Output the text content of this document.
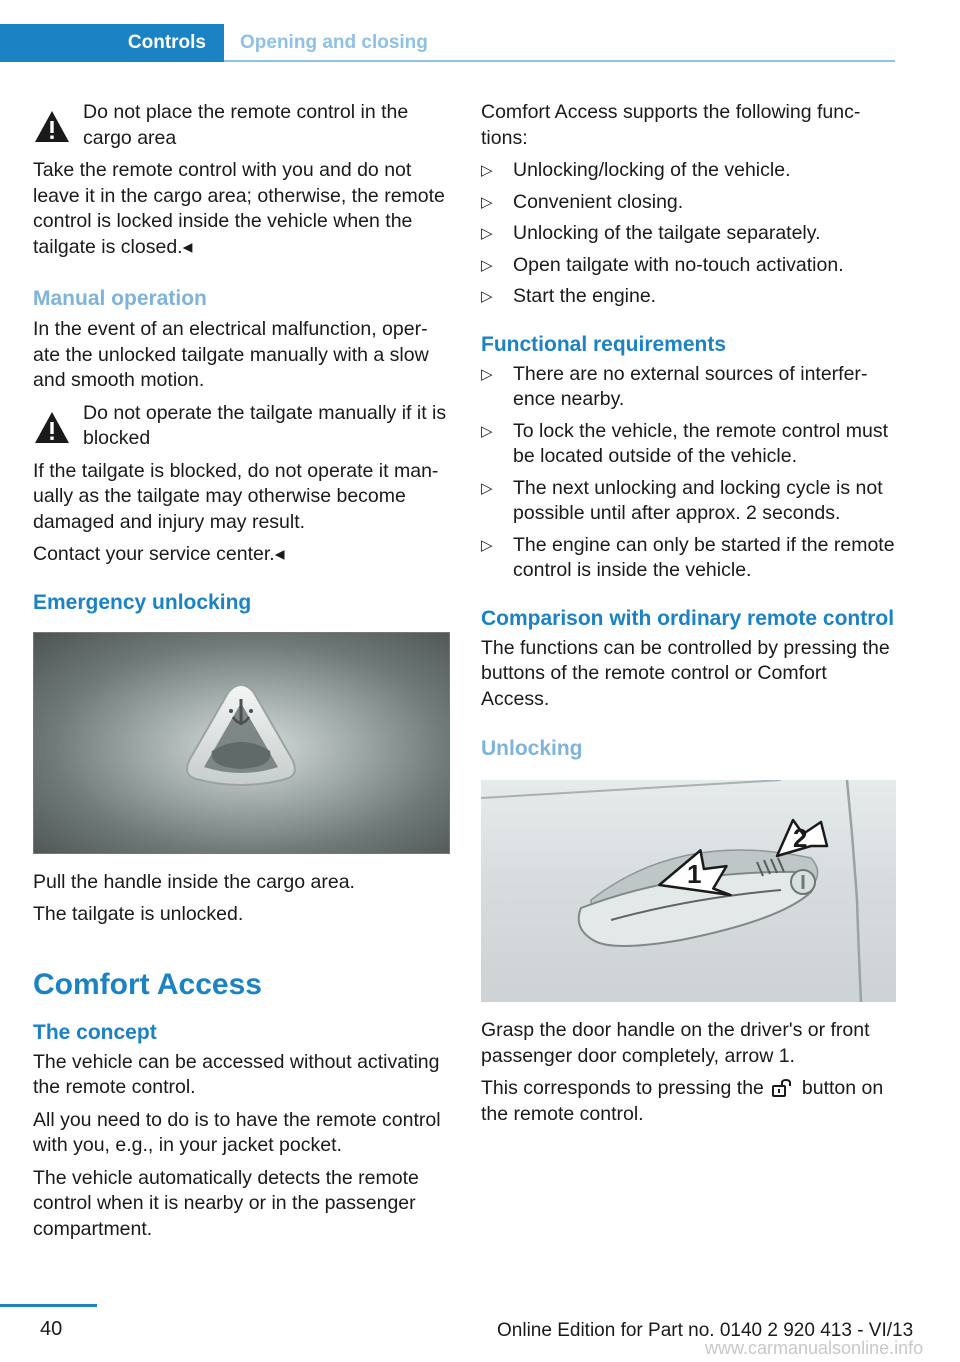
Controls Opening and closing
Do not place the remote control in the cargo area

Take the remote control with you and do not leave it in the cargo area; otherwise, the remote control is locked inside the vehicle when the tailgate is closed.◂

Manual operation

In the event of an electrical malfunction, operate the unlocked tailgate manually with a slow and smooth motion.

Do not operate the tailgate manually if it is blocked

If the tailgate is blocked, do not operate it manually as the tailgate may otherwise become damaged and injury may result.

Contact your service center.◂

Emergency unlocking

Pull the handle inside the cargo area.

The tailgate is unlocked.

Comfort Access
The concept

The vehicle can be accessed without activating the remote control.

All you need to do is to have the remote control with you, e.g., in your jacket pocket.

The vehicle automatically detects the remote control when it is nearby or in the passenger compartment.

Comfort Access supports the following functions:

▷	Unlocking/locking of the vehicle.
▷	Convenient closing.
▷	Unlocking of the tailgate separately.
▷	Open tailgate with no-touch activation.
▷	Start the engine.
Functional requirements
▷	There are no external sources of interference nearby.
▷	To lock the vehicle, the remote control must be located outside of the vehicle.
▷	The next unlocking and locking cycle is not possible until after approx. 2 seconds.
▷	The engine can only be started if the remote control is inside the vehicle.
Comparison with ordinary remote control

The functions can be controlled by pressing the buttons of the remote control or Comfort Access.

Unlocking
1
2

Grasp the door handle on the driver's or front passenger door completely, arrow 1.

This corresponds to pressing the button on the remote control.

40	Online Edition for Part no. 0140 2 920 413 - VI/13
www.carmanualsonline.info
